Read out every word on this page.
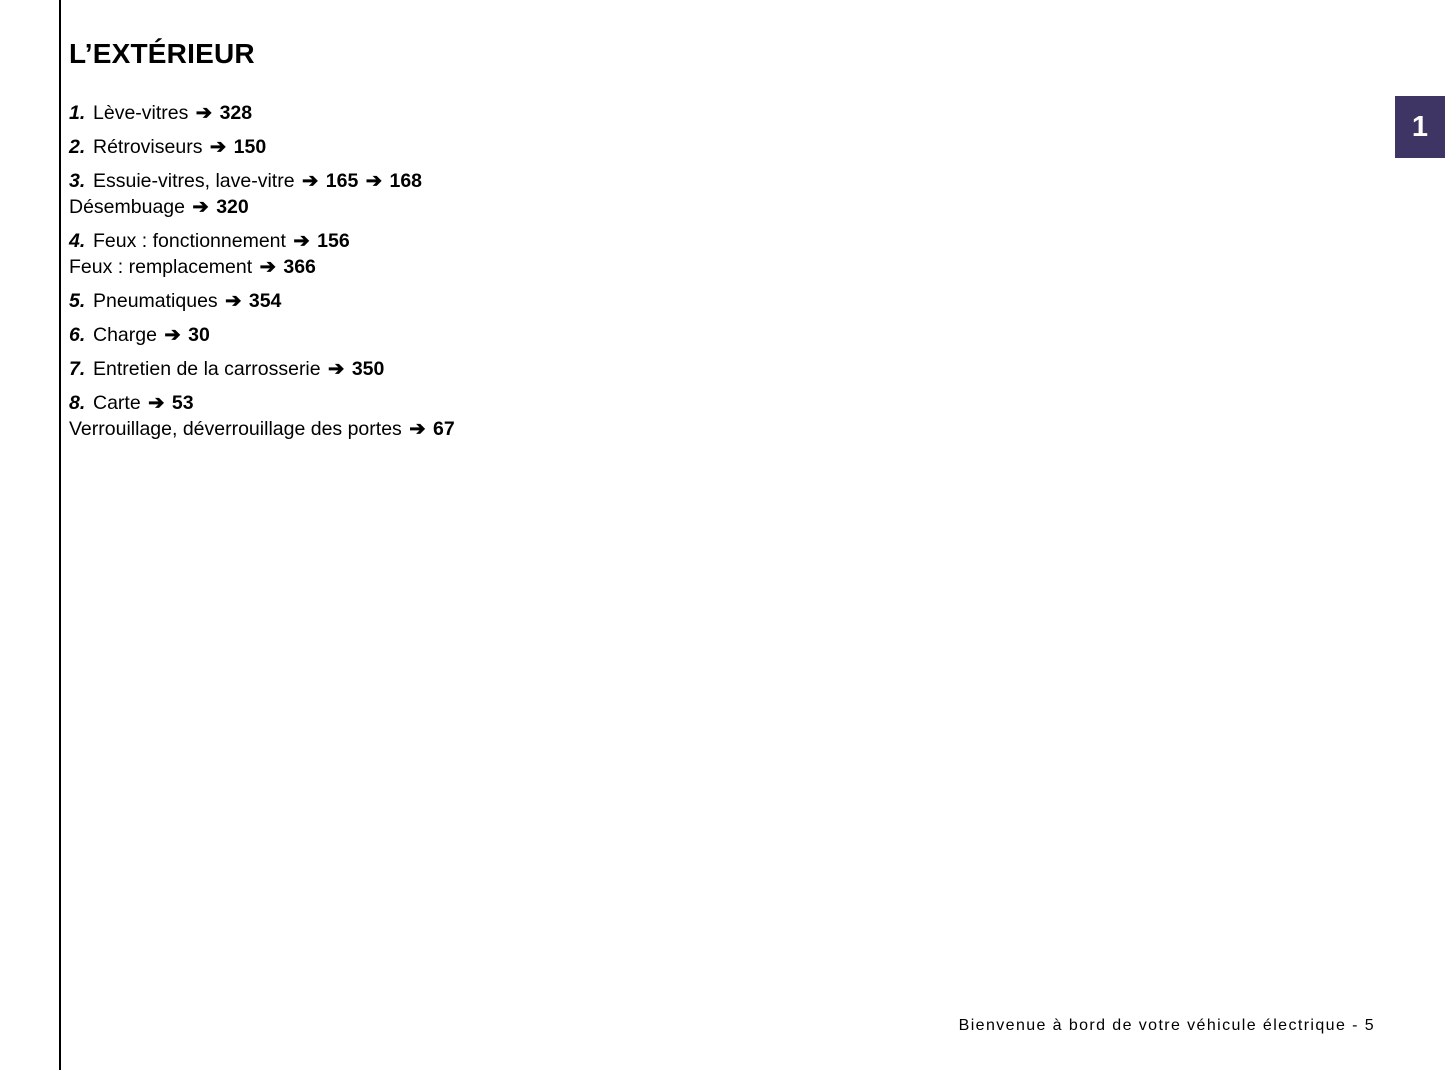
1
L’EXTÉRIEUR
1. Lève-vitres ➔ 328
2. Rétroviseurs ➔ 150
3. Essuie-vitres, lave-vitre ➔ 165 ➔ 168
Désembuage ➔ 320
4. Feux : fonctionnement ➔ 156
Feux : remplacement ➔ 366
5. Pneumatiques ➔ 354
6. Charge ➔ 30
7. Entretien de la carrosserie ➔ 350
8. Carte ➔ 53
Verrouillage, déverrouillage des portes ➔ 67
Bienvenue à bord de votre véhicule électrique - 5
